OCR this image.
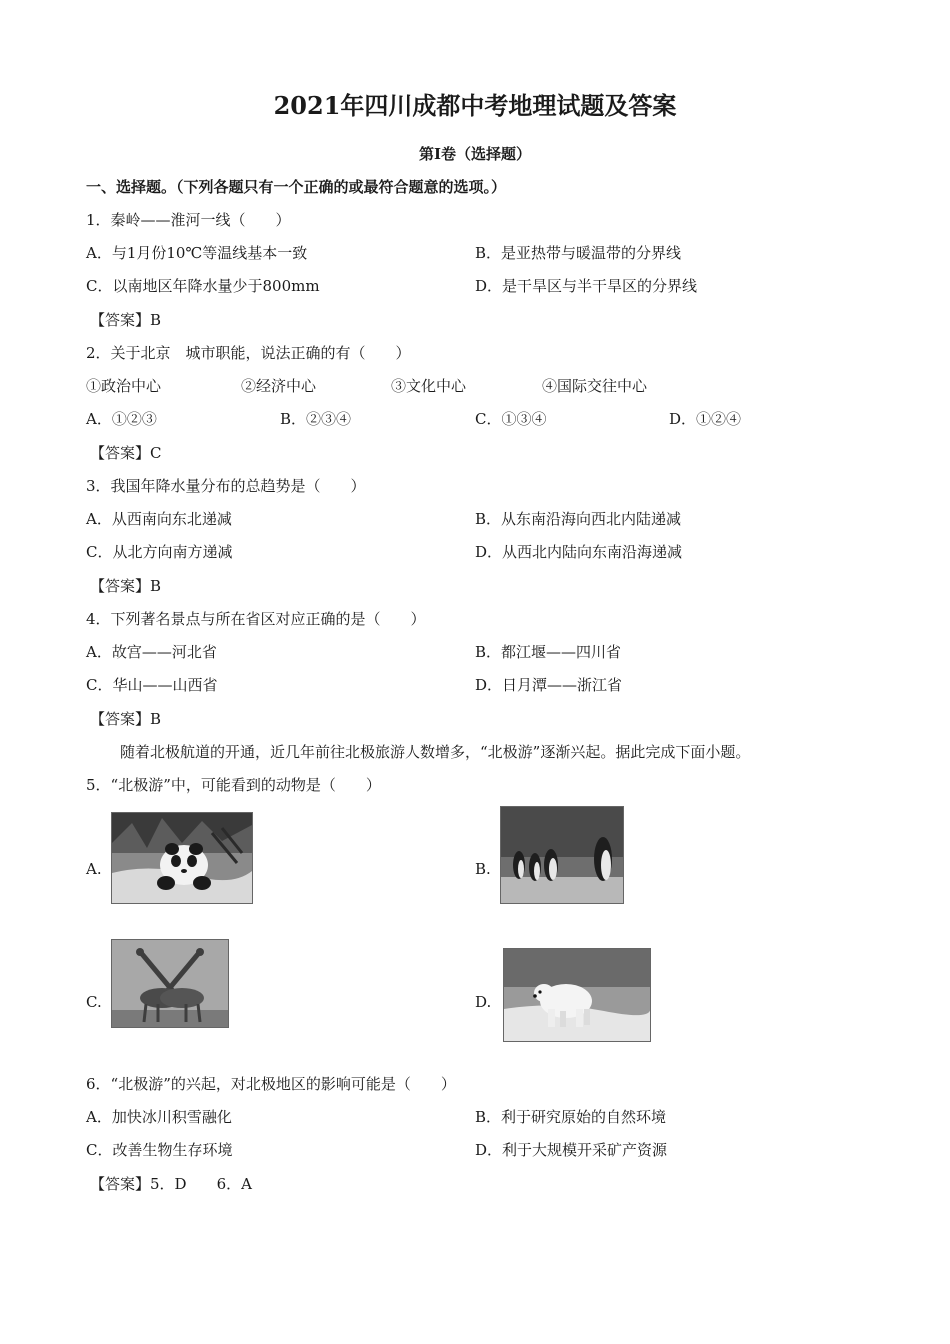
2021年四川成都中考地理试题及答案
第Ⅰ卷（选择题）
一、选择题。（下列各题只有一个正确的或最符合题意的选项。）
1．秦岭——淮河一线（　　）
A．与1月份10℃等温线基本一致	B．是亚热带与暖温带的分界线
C．以南地区年降水量少于800mm	D．是干旱区与半干旱区的分界线
【答案】B
2．关于北京　城市职能，说法正确的有（　　）
①政治中心	②经济中心	③文化中心	④国际交往中心
A．①②③	B．②③④	C．①③④	D．①②④
【答案】C
3．我国年降水量分布的总趋势是（　　）
A．从西南向东北递减	B．从东南沿海向西北内陆递减
C．从北方向南方递减	D．从西北内陆向东南沿海递减
【答案】B
4．下列著名景点与所在省区对应正确的是（　　）
A．故宫——河北省	B．都江堰——四川省
C．华山——山西省	D．日月潭——浙江省
【答案】B
随着北极航道的开通，近几年前往北极旅游人数增多，“北极游”逐渐兴起。据此完成下面小题。
5．“北极游”中，可能看到的动物是（　　）
A.	B.
C.	D.
6．“北极游”的兴起，对北极地区的影响可能是（　　）
A．加快冰川积雪融化	B．利于研究原始的自然环境
C．改善生物生存环境	D．利于大规模开采矿产资源
【答案】5．D　　6．A
